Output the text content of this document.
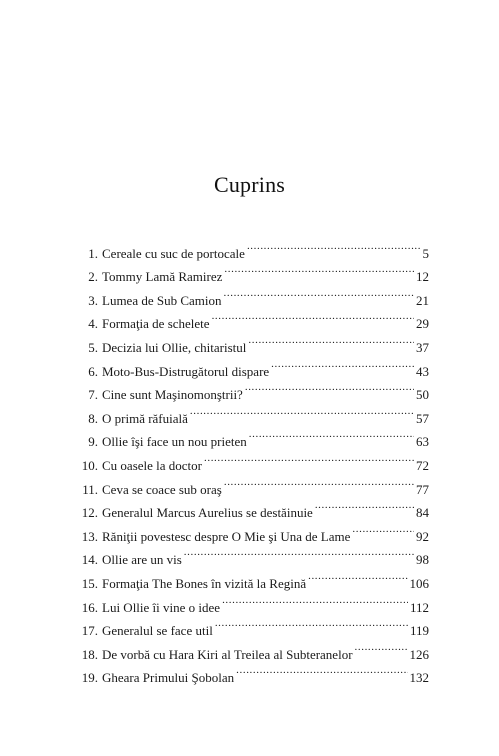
Cuprins
1. Cereale cu suc de portocale .....	5
2. Tommy Lamă Ramirez .....	12
3. Lumea de Sub Camion .....	21
4. Formaţia de schelete .....	29
5. Decizia lui Ollie, chitaristul .....	37
6. Moto-Bus-Distrugătorul dispare .....	43
7. Cine sunt Maşinomonştrii? .....	50
8. O primă răfuială .....	57
9. Ollie îşi face un nou prieten .....	63
10. Cu oasele la doctor .....	72
11. Ceva se coace sub oraş .....	77
12. Generalul Marcus Aurelius se destăinuie .....	84
13. Răniţii povestesc despre O Mie şi Una de Lame .....	92
14. Ollie are un vis .....	98
15. Formaţia The Bones în vizită la Regină .....	106
16. Lui Ollie îi vine o idee .....	112
17. Generalul se face util .....	119
18. De vorbă cu Hara Kiri al Treilea al Subteranelor .....	126
19. Gheara Primului Şobolan .....	132
